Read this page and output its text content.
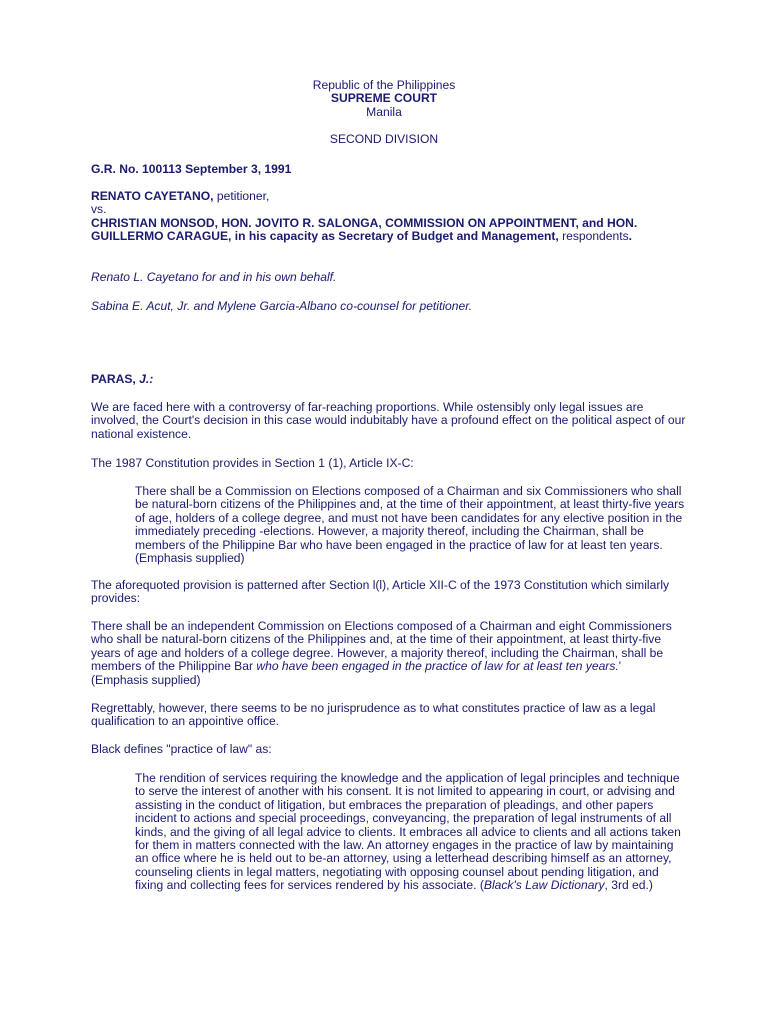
Republic of the Philippines
SUPREME COURT
Manila

SECOND DIVISION

G.R. No. 100113 September 3, 1991

RENATO CAYETANO, petitioner,
vs.
CHRISTIAN MONSOD, HON. JOVITO R. SALONGA, COMMISSION ON APPOINTMENT, and HON. GUILLERMO CARAGUE, in his capacity as Secretary of Budget and Management, respondents.

Renato L. Cayetano for and in his own behalf.

Sabina E. Acut, Jr. and Mylene Garcia-Albano co-counsel for petitioner.

PARAS, J.:

We are faced here with a controversy of far-reaching proportions. While ostensibly only legal issues are involved, the Court's decision in this case would indubitably have a profound effect on the political aspect of our national existence.

The 1987 Constitution provides in Section 1 (1), Article IX-C:

There shall be a Commission on Elections composed of a Chairman and six Commissioners who shall be natural-born citizens of the Philippines and, at the time of their appointment, at least thirty-five years of age, holders of a college degree, and must not have been candidates for any elective position in the immediately preceding -elections. However, a majority thereof, including the Chairman, shall be members of the Philippine Bar who have been engaged in the practice of law for at least ten years. (Emphasis supplied)

The aforequoted provision is patterned after Section l(l), Article XII-C of the 1973 Constitution which similarly provides:

There shall be an independent Commission on Elections composed of a Chairman and eight Commissioners who shall be natural-born citizens of the Philippines and, at the time of their appointment, at least thirty-five years of age and holders of a college degree. However, a majority thereof, including the Chairman, shall be members of the Philippine Bar who have been engaged in the practice of law for at least ten years.' (Emphasis supplied)

Regrettably, however, there seems to be no jurisprudence as to what constitutes practice of law as a legal qualification to an appointive office.

Black defines "practice of law" as:

The rendition of services requiring the knowledge and the application of legal principles and technique to serve the interest of another with his consent. It is not limited to appearing in court, or advising and assisting in the conduct of litigation, but embraces the preparation of pleadings, and other papers incident to actions and special proceedings, conveyancing, the preparation of legal instruments of all kinds, and the giving of all legal advice to clients. It embraces all advice to clients and all actions taken for them in matters connected with the law. An attorney engages in the practice of law by maintaining an office where he is held out to be-an attorney, using a letterhead describing himself as an attorney, counseling clients in legal matters, negotiating with opposing counsel about pending litigation, and fixing and collecting fees for services rendered by his associate. (Black's Law Dictionary, 3rd ed.)
